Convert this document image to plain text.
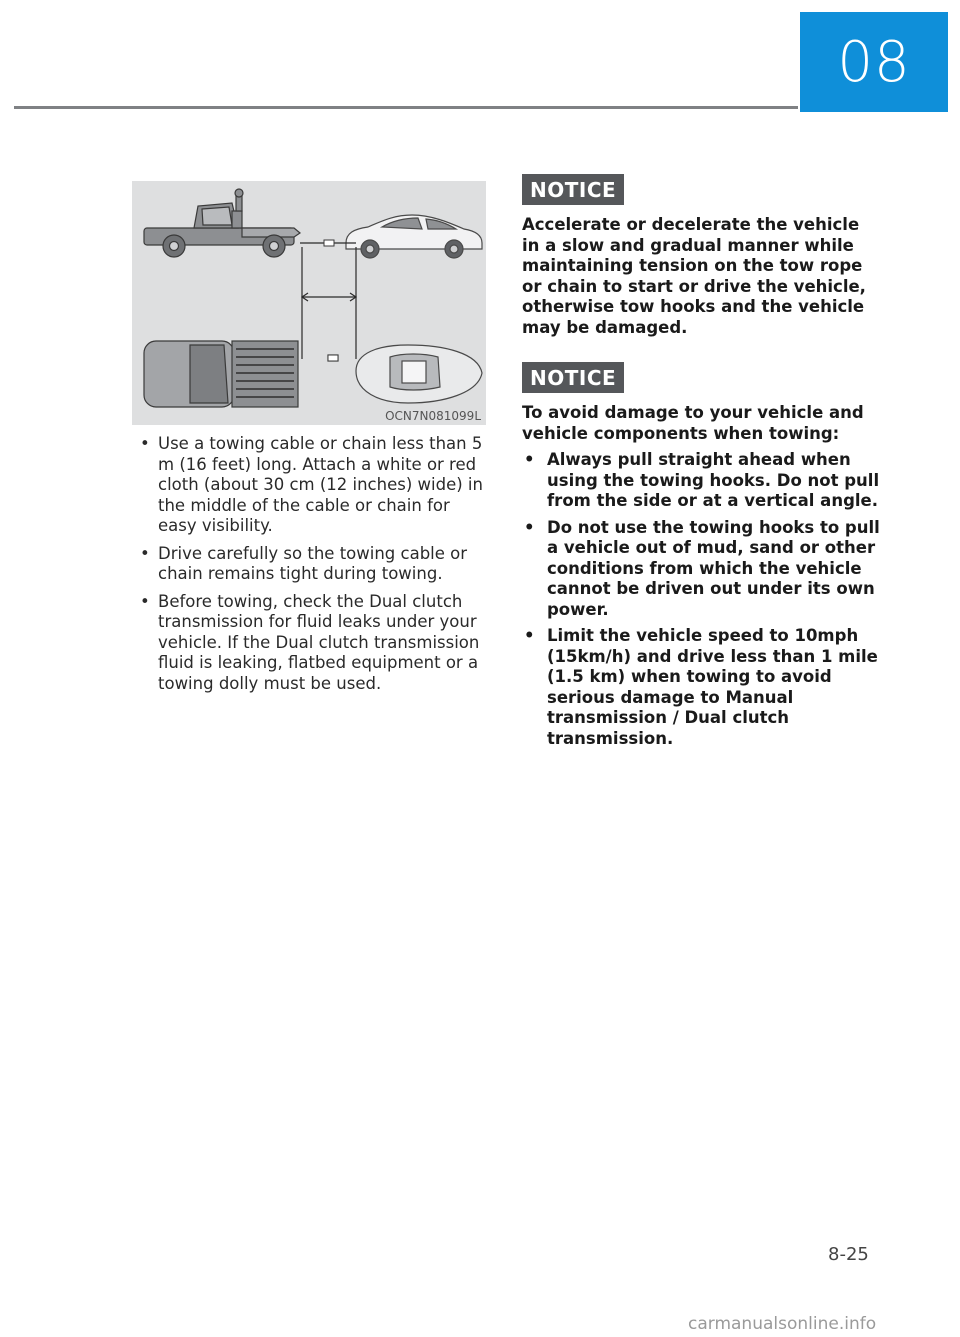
08
OCN7N081099L
• Use a towing cable or chain less than 5 m (16 feet) long. Attach a white or red cloth (about 30 cm (12 inches) wide) in the middle of the cable or chain for easy visibility.
• Drive carefully so the towing cable or chain remains tight during towing.
• Before towing, check the Dual clutch transmission for fluid leaks under your vehicle. If the Dual clutch transmission fluid is leaking, flatbed equipment or a towing dolly must be used.
NOTICE

Accelerate or decelerate the vehicle in a slow and gradual manner while maintaining tension on the tow rope or chain to start or drive the vehicle, otherwise tow hooks and the vehicle may be damaged.

NOTICE

To avoid damage to your vehicle and vehicle components when towing:

• Always pull straight ahead when using the towing hooks. Do not pull from the side or at a vertical angle.
• Do not use the towing hooks to pull a vehicle out of mud, sand or other conditions from which the vehicle cannot be driven out under its own power.
• Limit the vehicle speed to 10mph (15km/h) and drive less than 1 mile (1.5 km) when towing to avoid serious damage to Manual transmission / Dual clutch transmission.
8-25
carmanualsonline.info
